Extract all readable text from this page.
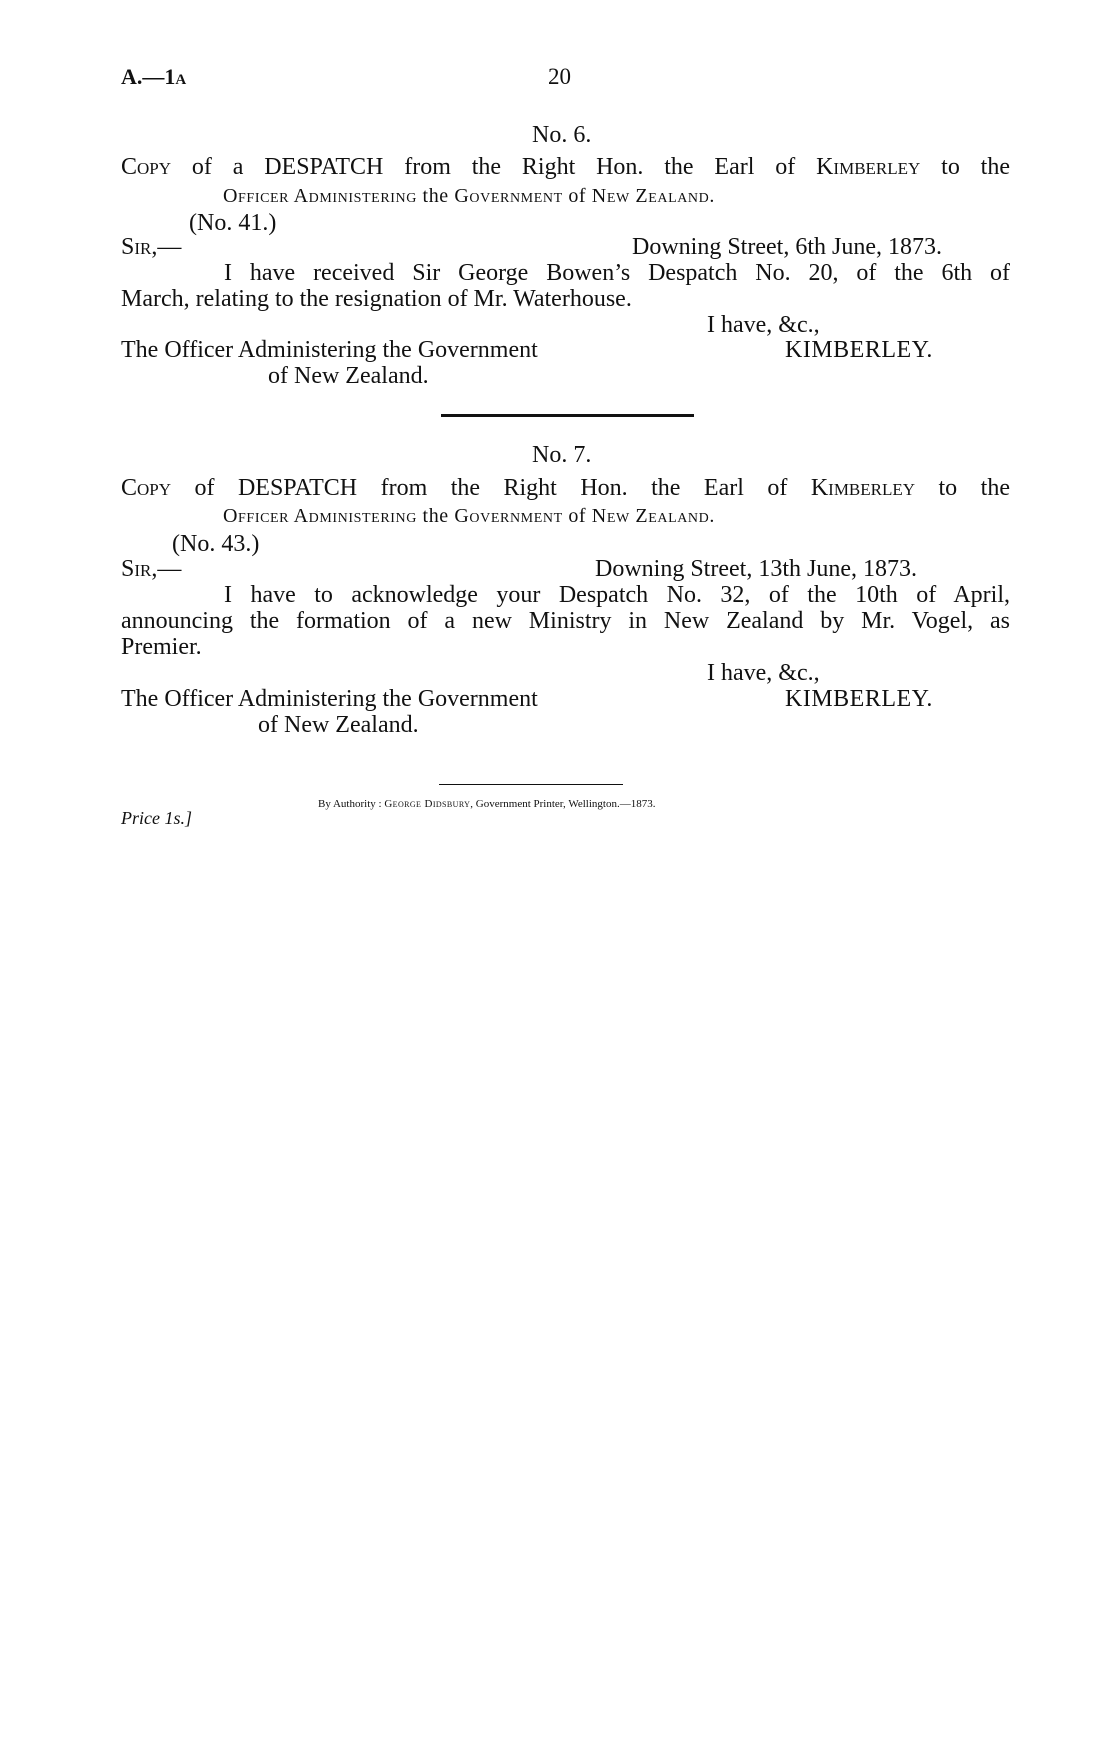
A.—1A	20
No. 6.
Copy of a DESPATCH from the Right Hon. the Earl of Kimberley to the
Officer Administering the Government of New Zealand.
(No. 41.)
Sir,—	Downing Street, 6th June, 1873.
I have received Sir George Bowen’s Despatch No. 20, of the 6th of
March, relating to the resignation of Mr. Waterhouse.
I have, &c.,
The Officer Administering the Government	KIMBERLEY.
of New Zealand.
No. 7.
Copy of DESPATCH from the Right Hon. the Earl of Kimberley to the
Officer Administering the Government of New Zealand.
(No. 43.)
Sir,—	Downing Street, 13th June, 1873.
I have to acknowledge your Despatch No. 32, of the 10th of April,
announcing the formation of a new Ministry in New Zealand by Mr. Vogel, as
Premier.
I have, &c.,
The Officer Administering the Government	KIMBERLEY.
of New Zealand.
Price 1s.]
By Authority : George Didsbury, Government Printer, Wellington.—1873.
